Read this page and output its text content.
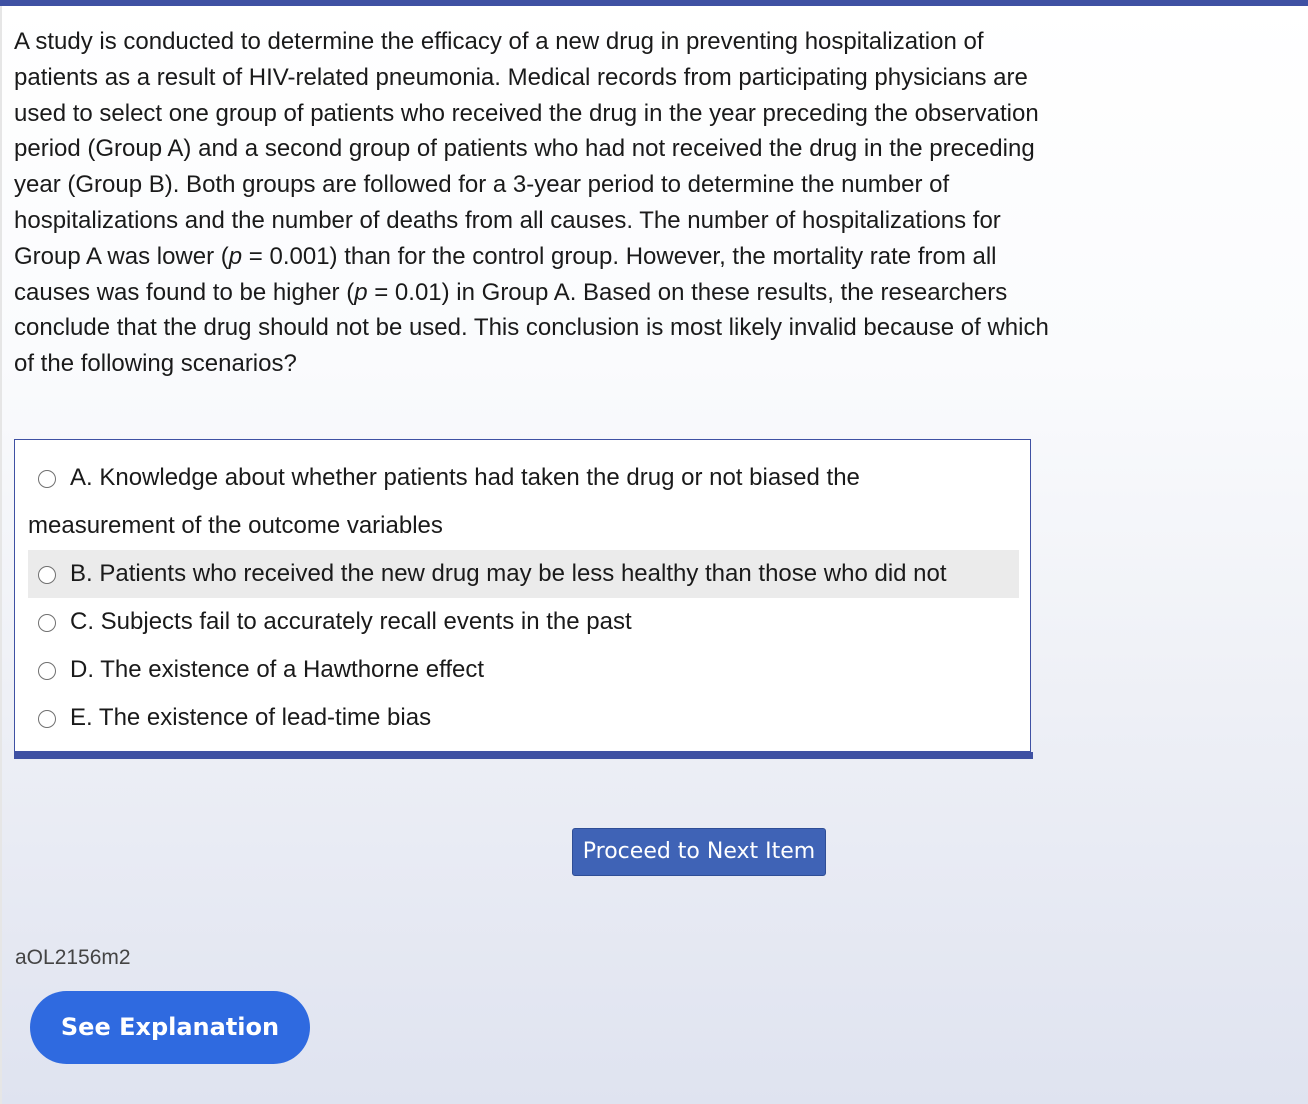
A study is conducted to determine the efficacy of a new drug in preventing hospitalization of patients as a result of HIV-related pneumonia. Medical records from participating physicians are used to select one group of patients who received the drug in the year preceding the observation period (Group A) and a second group of patients who had not received the drug in the preceding year (Group B). Both groups are followed for a 3-year period to determine the number of hospitalizations and the number of deaths from all causes. The number of hospitalizations for Group A was lower (p = 0.001) than for the control group. However, the mortality rate from all causes was found to be higher (p = 0.01) in Group A. Based on these results, the researchers conclude that the drug should not be used. This conclusion is most likely invalid because of which of the following scenarios?

A. Knowledge about whether patients had taken the drug or not biased the
measurement of the outcome variables
B. Patients who received the new drug may be less healthy than those who did not
C. Subjects fail to accurately recall events in the past
D. The existence of a Hawthorne effect
E. The existence of lead-time bias
Proceed to Next Item
aOL2156m2
See Explanation
